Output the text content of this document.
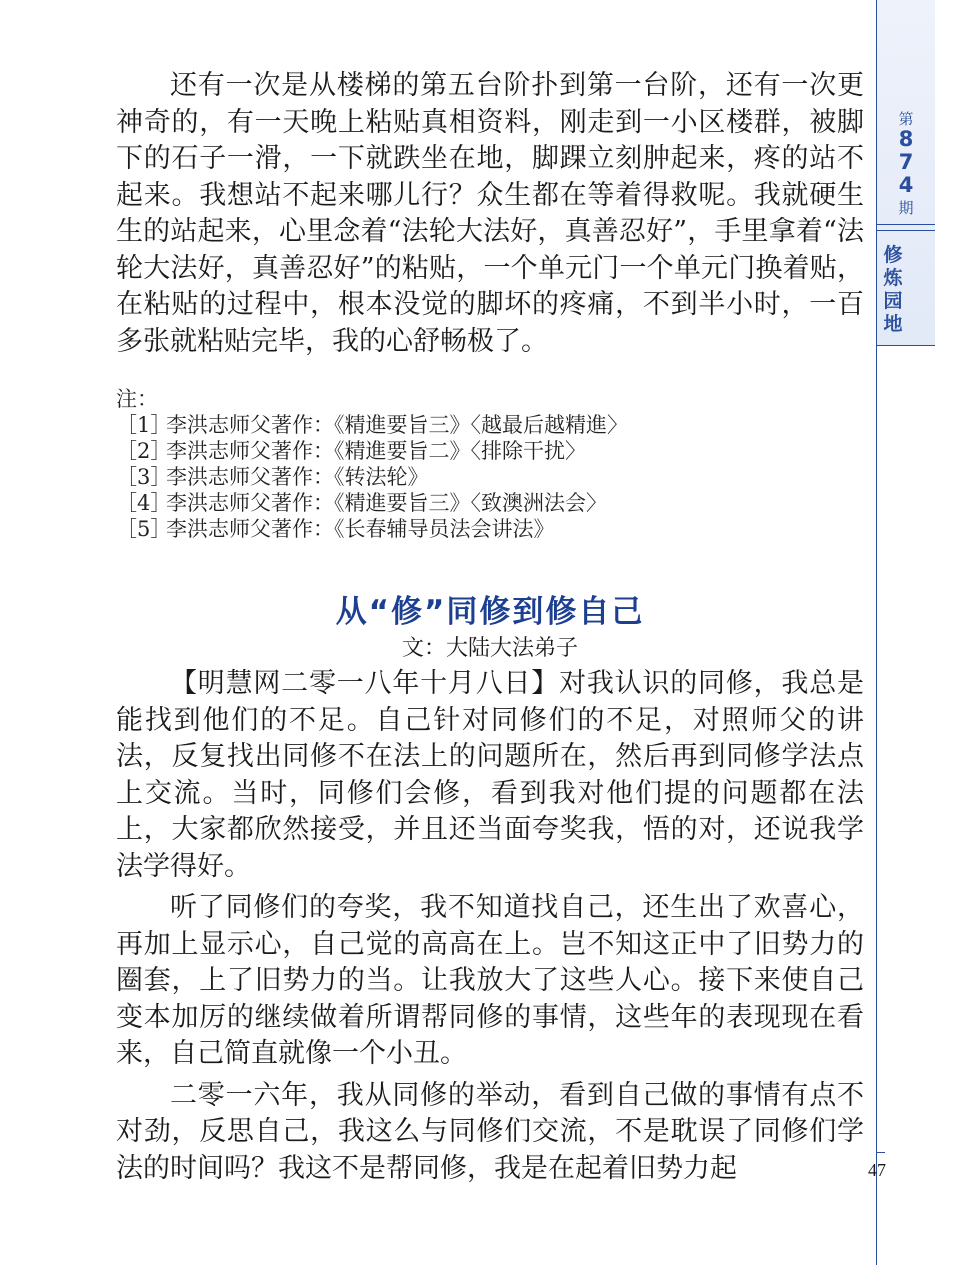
第
8
7
4
期
修
炼
园
地
47

还有一次是从楼梯的第五台阶扑到第一台阶，还有一次更神奇的，有一天晚上粘贴真相资料，刚走到一小区楼群，被脚下的石子一滑，一下就跌坐在地，脚踝立刻肿起来，疼的站不起来。我想站不起来哪儿行？众生都在等着得救呢。我就硬生生的站起来，心里念着“法轮大法好，真善忍好”，手里拿着“法轮大法好，真善忍好”的粘贴，一个单元门一个单元门换着贴，在粘贴的过程中，根本没觉的脚坏的疼痛，不到半小时，一百多张就粘贴完毕，我的心舒畅极了。

注：
［1］李洪志师父著作：《精進要旨三》〈越最后越精進〉
［2］李洪志师父著作：《精進要旨二》〈排除干扰〉
［3］李洪志师父著作：《转法轮》
［4］李洪志师父著作：《精進要旨三》〈致澳洲法会〉
［5］李洪志师父著作：《长春辅导员法会讲法》
从“修”同修到修自己
文：大陆大法弟子

【明慧网二零一八年十月八日】对我认识的同修，我总是能找到他们的不足。自己针对同修们的不足，对照师父的讲法，反复找出同修不在法上的问题所在，然后再到同修学法点上交流。当时，同修们会修，看到我对他们提的问题都在法上，大家都欣然接受，并且还当面夸奖我，悟的对，还说我学法学得好。

听了同修们的夸奖，我不知道找自己，还生出了欢喜心，再加上显示心，自己觉的高高在上。岂不知这正中了旧势力的圈套，上了旧势力的当。让我放大了这些人心。接下来使自己变本加厉的继续做着所谓帮同修的事情，这些年的表现现在看来，自己简直就像一个小丑。

二零一六年，我从同修的举动，看到自己做的事情有点不对劲，反思自己，我这么与同修们交流，不是耽误了同修们学法的时间吗？我这不是帮同修，我是在起着旧势力起
